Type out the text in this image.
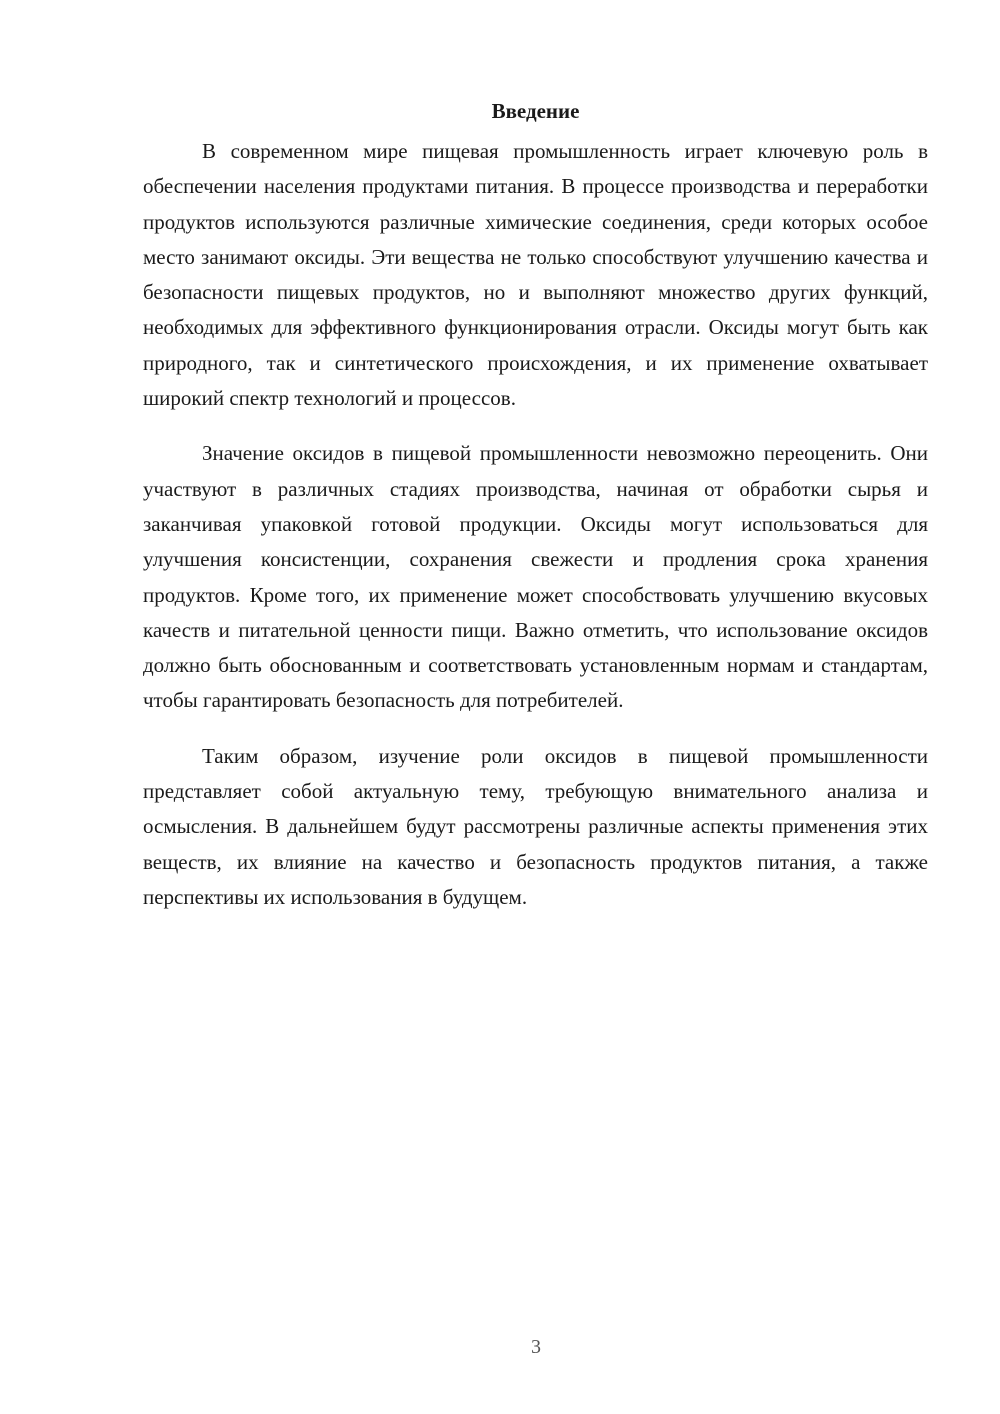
Введение

В современном мире пищевая промышленность играет ключевую роль в обеспечении населения продуктами питания. В процессе производства и переработки продуктов используются различные химические соединения, среди которых особое место занимают оксиды. Эти вещества не только способствуют улучшению качества и безопасности пищевых продуктов, но и выполняют множество других функций, необходимых для эффективного функционирования отрасли. Оксиды могут быть как природного, так и синтетического происхождения, и их применение охватывает широкий спектр технологий и процессов.

Значение оксидов в пищевой промышленности невозможно переоценить. Они участвуют в различных стадиях производства, начиная от обработки сырья и заканчивая упаковкой готовой продукции. Оксиды могут использоваться для улучшения консистенции, сохранения свежести и продления срока хранения продуктов. Кроме того, их применение может способствовать улучшению вкусовых качеств и питательной ценности пищи. Важно отметить, что использование оксидов должно быть обоснованным и соответствовать установленным нормам и стандартам, чтобы гарантировать безопасность для потребителей.

Таким образом, изучение роли оксидов в пищевой промышленности представляет собой актуальную тему, требующую внимательного анализа и осмысления. В дальнейшем будут рассмотрены различные аспекты применения этих веществ, их влияние на качество и безопасность продуктов питания, а также перспективы их использования в будущем.

3
